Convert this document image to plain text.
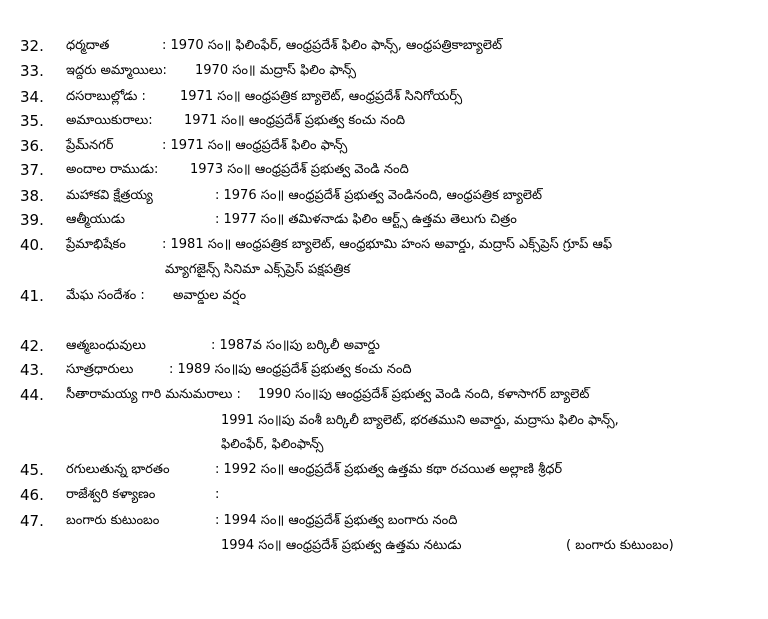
32. ధర్మదాత	: 1970 సం॥ ఫిలింఫేర్, ఆంధ్రప్రదేశ్ ఫిలిం ఫాన్స్, ఆంధ్రపత్రికాబ్యాలెట్
33. ఇద్దరు అమ్మాయిలు: 1970 సం॥ మద్రాస్ ఫిలిం ఫాన్స్
34. దసరాబుల్లోడు :	1971 సం॥ ఆంధ్రపత్రిక బ్యాలెట్, ఆంధ్రప్రదేశ్ సినిగోయర్స్
35. అమాయికురాలు: 1971 సం॥ ఆంధ్రప్రదేశ్ ప్రభుత్వ కంచు నంది
36. ప్రేమ్‌నగర్	: 1971 సం॥ ఆంధ్రప్రదేశ్ ఫిలిం ఫాన్స్
37. అందాల రాముడు: 1973 సం॥ ఆంధ్రప్రదేశ్ ప్రభుత్వ వెండి నంది
38. మహాకవి క్షేత్రయ్య	: 1976 సం॥ ఆంధ్రప్రదేశ్ ప్రభుత్వ వెండినంది, ఆంధ్రపత్రిక బ్యాలెట్
39. ఆత్మీయుడు	: 1977 సం॥ తమిళనాడు ఫిలిం ఆర్ట్స్ ఉత్తమ తెలుగు చిత్రం
40. ప్రేమాభిషేకం	: 1981 సం॥ ఆంధ్రపత్రిక బ్యాలెట్, ఆంధ్రభూమి హంస అవార్డు, మద్రాస్ ఎక్స్‌ప్రెస్ గ్రూప్ ఆఫ్
మ్యాగజైన్స్ సినిమా ఎక్స్‌ప్రెస్ పక్షపత్రిక
41. మేఘ సందేశం : అవార్డుల వర్షం
42. ఆత్మబంధువులు	: 1987వ సం॥పు బర్కిలీ అవార్డు
43. సూత్రధారులు	: 1989 సం॥పు ఆంధ్రప్రదేశ్ ప్రభుత్వ కంచు నంది
44. సీతారామయ్య గారి మనుమరాలు : 1990 సం॥పు ఆంధ్రప్రదేశ్ ప్రభుత్వ వెండి నంది, కళాసాగర్ బ్యాలెట్
1991 సం॥పు వంశీ బర్కిలీ బ్యాలెట్, భరతముని అవార్డు, మద్రాసు ఫిలిం ఫాన్స్,
ఫిలింఫేర్, ఫిలింఫాన్స్
45. రగులుతున్న భారతం	: 1992 సం॥ ఆంధ్రప్రదేశ్ ప్రభుత్వ ఉత్తమ కథా రచయిత అల్లాణి శ్రీధర్
46. రాజేశ్వరి కళ్యాణం	:
47. బంగారు కుటుంబం	: 1994 సం॥ ఆంధ్రప్రదేశ్ ప్రభుత్వ బంగారు నంది
1994 సం॥ ఆంధ్రప్రదేశ్ ప్రభుత్వ ఉత్తమ నటుడు	( బంగారు కుటుంబం)
